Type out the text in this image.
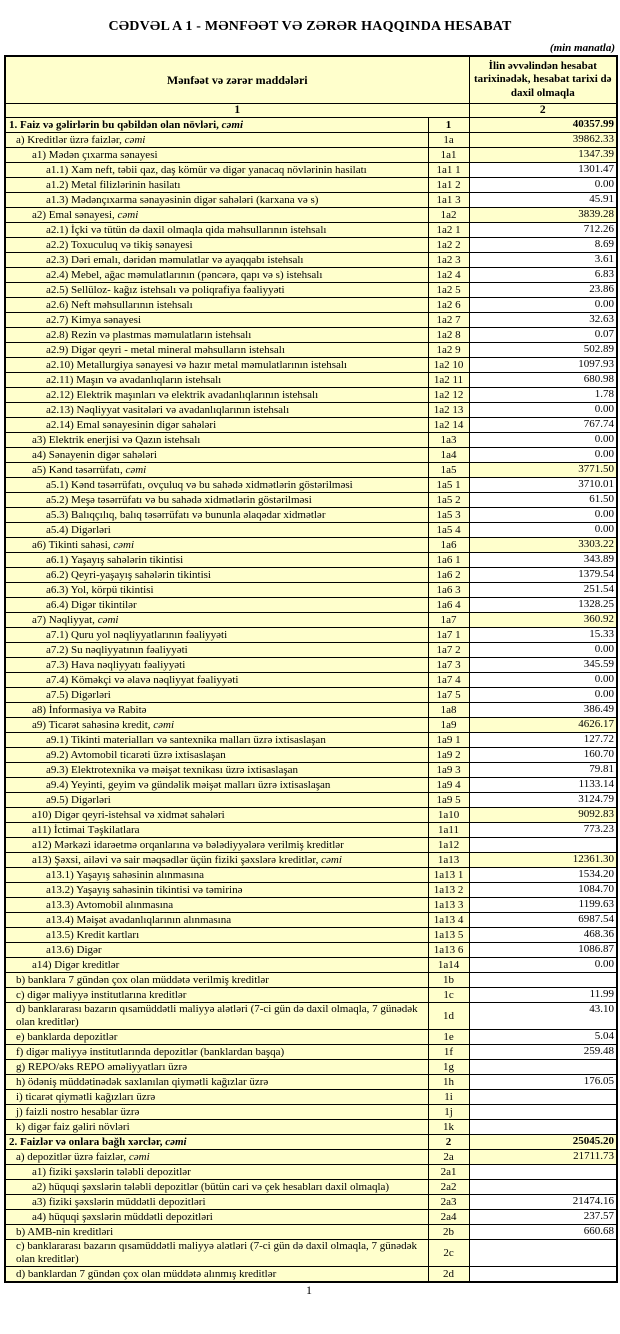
CƏDVƏL A 1 - MƏNFƏƏT VƏ ZƏRƏR HAQQINDA HESABAT
(min manatla)
Mənfəət və zərər maddələri		İlin əvvəlindən hesabat tarixinədək, hesabat tarixi də daxil olmaqla
1		2
1. Faiz və gəlirlərin bu qəbildən olan növləri, cəmi	1	40357.99
a) Kreditlər üzrə faizlər, cəmi	1a	39862.33
a1) Mədən çıxarma sənayesi	1a1	1347.39
a1.1) Xam neft, təbii qaz, daş kömür və digər yanacaq növlərinin hasilatı	1a1 1	1301.47
a1.2) Metal filizlərinin hasilatı	1a1 2	0.00
a1.3) Mədənçıxarma sənayəsinin digər sahələri (karxana və s)	1a1 3	45.91
a2) Emal sənayesi, cəmi	1a2	3839.28
a2.1) İçki və tütün də daxil olmaqla qida məhsullarının istehsalı	1a2 1	712.26
a2.2) Toxuculuq və tikiş sənayesi	1a2 2	8.69
a2.3) Dəri emalı, dəridən məmulatlar və ayaqqabı istehsalı	1a2 3	3.61
a2.4) Mebel, ağac məmulatlarının (pəncərə, qapı və s) istehsalı	1a2 4	6.83
a2.5) Sellüloz- kağız istehsalı və poliqrafiya fəaliyyəti	1a2 5	23.86
a2.6) Neft məhsullarının istehsalı	1a2 6	0.00
a2.7) Kimya sənayesi	1a2 7	32.63
a2.8) Rezin və plastmas məmulatların istehsalı	1a2 8	0.07
a2.9) Digər qeyri - metal mineral məhsulların istehsalı	1a2 9	502.89
a2.10) Metallurgiya sənayesi və hazır metal məmulatlarının istehsalı	1a2 10	1097.93
a2.11) Maşın və avadanlıqların istehsalı	1a2 11	680.98
a2.12) Elektrik maşınları və elektrik avadanlıqlarının istehsalı	1a2 12	1.78
a2.13) Nəqliyyat vasitələri və avadanlıqlarının istehsalı	1a2 13	0.00
a2.14) Emal sənayesinin digər sahələri	1a2 14	767.74
a3) Elektrik enerjisi və Qazın istehsalı	1a3	0.00
a4) Sənayenin digər sahələri	1a4	0.00
a5) Kənd təsərrüfatı, cəmi	1a5	3771.50
a5.1) Kənd təsərrüfatı, ovçuluq və bu sahədə xidmətlərin göstərilməsi	1a5 1	3710.01
a5.2) Meşə təsərrüfatı və bu sahədə xidmətlərin göstərilməsi	1a5 2	61.50
a5.3) Balıqçılıq, balıq təsərrüfatı və bununla əlaqədar xidmətlər	1a5 3	0.00
a5.4) Digərləri	1a5 4	0.00
a6) Tikinti sahəsi, cəmi	1a6	3303.22
a6.1) Yaşayış sahələrin tikintisi	1a6 1	343.89
a6.2) Qeyri-yaşayış sahələrin tikintisi	1a6 2	1379.54
a6.3) Yol, körpü tikintisi	1a6 3	251.54
a6.4) Digər tikintilər	1a6 4	1328.25
a7) Nəqliyyat, cəmi	1a7	360.92
a7.1) Quru yol nəqliyyatlarının fəaliyyəti	1a7 1	15.33
a7.2) Su nəqliyyatının fəaliyyəti	1a7 2	0.00
a7.3) Hava nəqliyyatı fəaliyyəti	1a7 3	345.59
a7.4) Köməkçi və əlavə nəqliyyat fəaliyyəti	1a7 4	0.00
a7.5) Digərləri	1a7 5	0.00
a8) İnformasiya və Rabitə	1a8	386.49
a9) Ticarət sahəsinə kredit, cəmi	1a9	4626.17
a9.1) Tikinti materialları və santexnika malları üzrə ixtisaslaşan	1a9 1	127.72
a9.2) Avtomobil ticarəti üzrə ixtisaslaşan	1a9 2	160.70
a9.3) Elektrotexnika və məişət texnikası üzrə ixtisaslaşan	1a9 3	79.81
a9.4) Yeyinti, geyim və gündəlik məişət malları üzrə ixtisaslaşan	1a9 4	1133.14
a9.5) Digərləri	1a9 5	3124.79
a10) Digər qeyri-istehsal və xidmət sahələri	1a10	9092.83
a11) İctimai Təşkilatlara	1a11	773.23
a12) Mərkəzi idarəetmə orqanlarına və bələdiyyələrə verilmiş kreditlər	1a12	
a13) Şəxsi, ailəvi və sair məqsədlər üçün fiziki şəxslərə kreditlər, cəmi	1a13	12361.30
a13.1) Yaşayış sahəsinin alınmasına	1a13 1	1534.20
a13.2) Yaşayış sahəsinin tikintisi və təmirinə	1a13 2	1084.70
a13.3) Avtomobil alınmasına	1a13 3	1199.63
a13.4) Məişət avadanlıqlarının alınmasına	1a13 4	6987.54
a13.5) Kredit kartları	1a13 5	468.36
a13.6) Digər	1a13 6	1086.87
a14) Digər kreditlər	1a14	0.00
b) banklara 7 gündən çox olan müddətə verilmiş kreditlər	1b	
c) digər maliyyə institutlarına kreditlər	1c	11.99
d) banklararası bazarın qısamüddətli maliyyə alətləri (7-ci gün də daxil olmaqla, 7 günədək olan kreditlər)	1d	43.10
e) banklarda depozitlər	1e	5.04
f) digər maliyyə institutlarında depozitlər (banklardan başqa)	1f	259.48
g) REPO/əks REPO əməliyyatları üzrə	1g	
h) ödəniş müddətinədək saxlanılan qiymətli kağızlar üzrə	1h	176.05
i) ticarət qiymətli kağızları üzrə	1i	
j) faizli nostro hesablar üzrə	1j	
k) digər faiz gəliri növləri	1k	
2. Faizlər və onlara bağlı xərclər, cəmi	2	25045.20
a) depozitlər üzrə faizlər, cəmi	2a	21711.73
a1) fiziki şəxslərin tələbli depozitlər	2a1	
a2) hüquqi şəxslərin tələbli depozitlər (bütün cari və çek hesabları daxil olmaqla)	2a2	
a3) fiziki şəxslərin müddətli depozitləri	2a3	21474.16
a4) hüquqi şəxslərin müddətli depozitləri	2a4	237.57
b) AMB-nin kreditləri	2b	660.68
c) banklararası bazarın qısamüddətli maliyyə alətləri (7-ci gün də daxil olmaqla, 7 günədək olan kreditlər)	2c	
d) banklardan 7 gündən çox olan müddətə alınmış kreditlər	2d	
1
